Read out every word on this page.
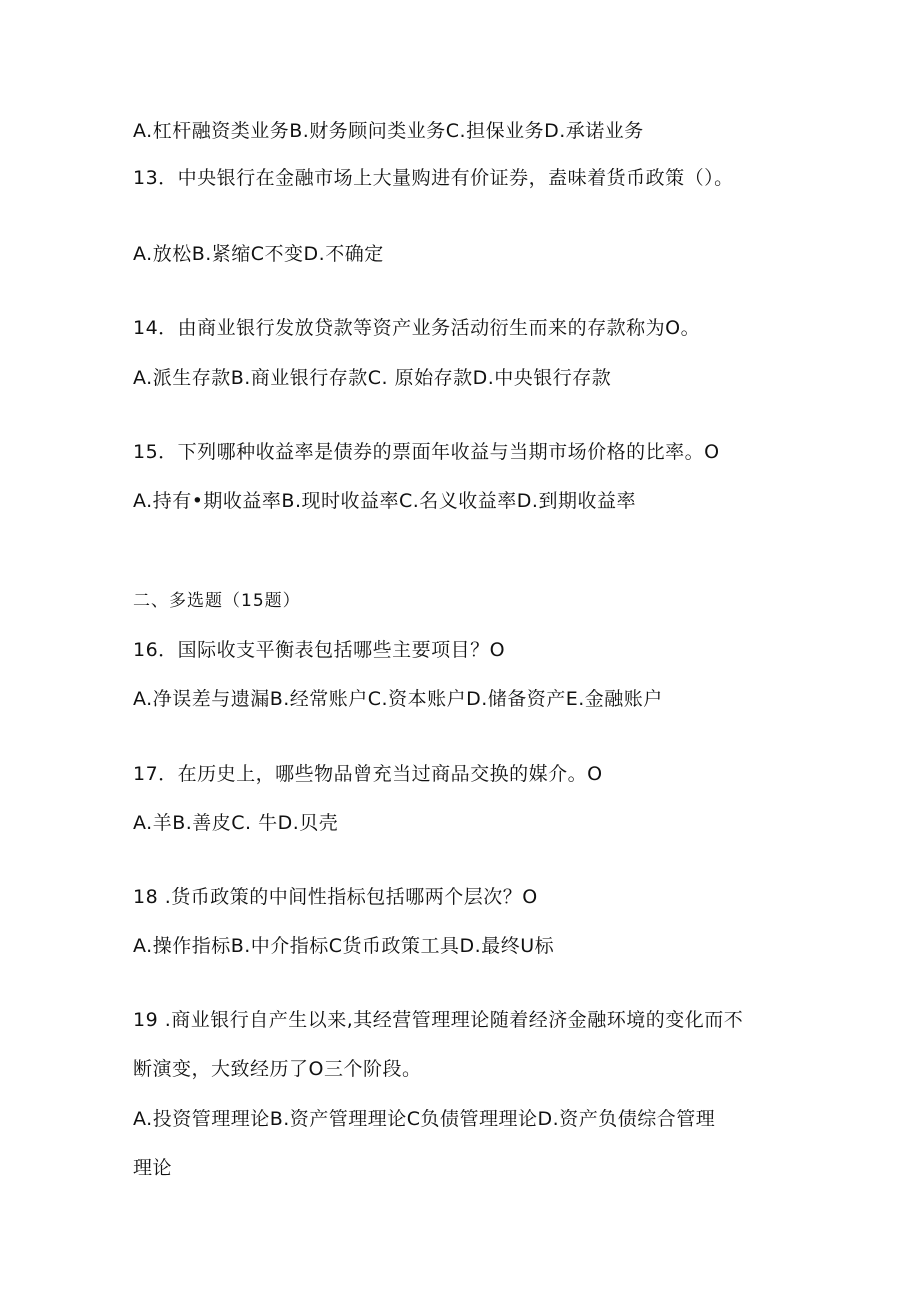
A.杠杆融资类业务B.财务顾问类业务C.担保业务D.承诺业务
13．中央银行在金融市场上大量购进有价证券，盍味着货币政策（）。
A.放松B.紧缩C不变D.不确定
14．由商业银行发放贷款等资产业务活动衍生而来的存款称为O。
A.派生存款B.商业银行存款C. 原始存款D.中央银行存款
15．下列哪种收益率是债券的票面年收益与当期市场价格的比率。O
A.持有•期收益率B.现时收益率C.名义收益率D.到期收益率
二、多选题（15题）
16．国际收支平衡表包括哪些主要项目？O
A.净误差与遗漏B.经常账户C.资本账户D.储备资产E.金融账户
17．在历史上，哪些物品曾充当过商品交换的媒介。O
A.羊B.善皮C. 牛D.贝壳
18 .货币政策的中间性指标包括哪两个层次？O
A.操作指标B.中介指标C货币政策工具D.最终U标
19 .商业银行自产生以来,其经营管理理论随着经济金融环境的变化而不
断演变，大致经历了O三个阶段。
A.投资管理理论B.资产管理理论C负债管理理论D.资产负债综合管理
理论
